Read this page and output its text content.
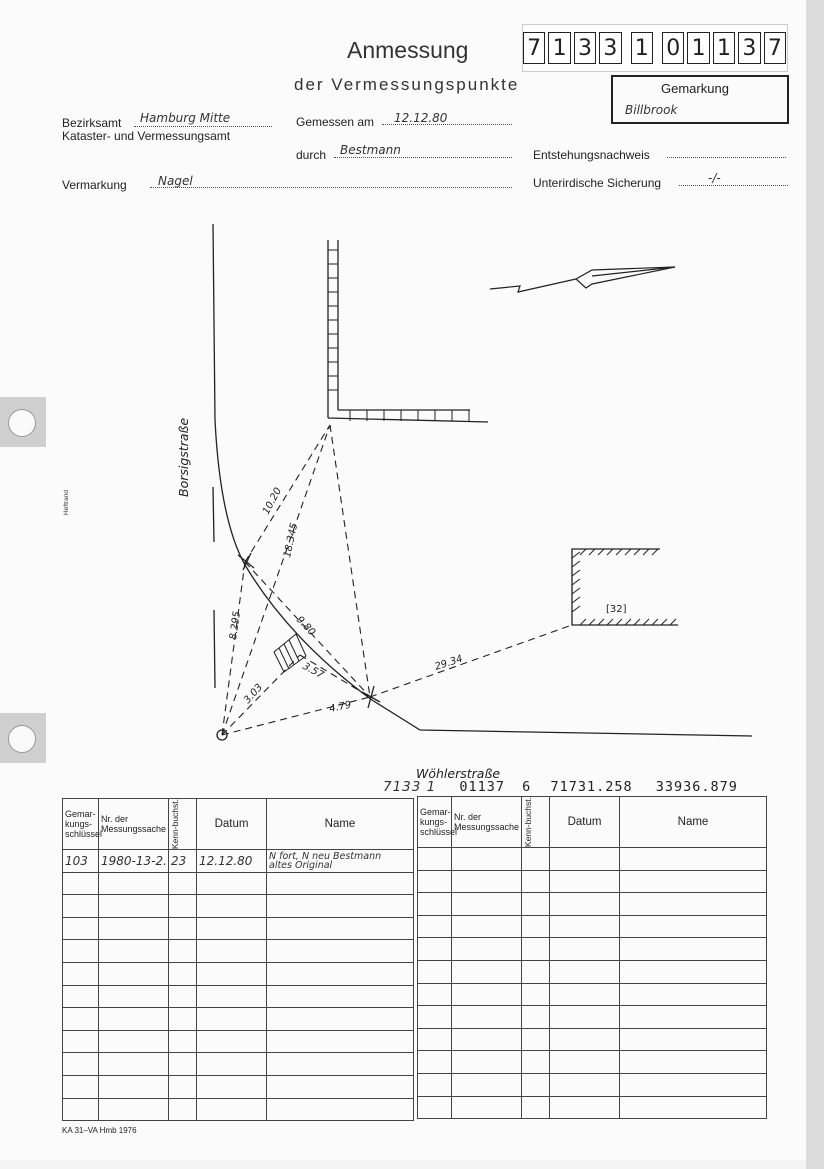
Anmessung
der Vermessungspunkte
7 1 3 3 1 0 1 1 3 7
Gemarkung
Billbrook
Bezirksamt Hamburg Mitte
Kataster- und Vermessungsamt
Gemessen am 12.12.80
durch Bestmann	Entstehungsnachweis
Vermarkung	Nagel	Unterirdische Sicherung	-/-
10.20
18.345
9.80
8.295
3.57
3.03
4.79
29.34
[32]
Borsigstraße
Heftrand
Wöhlerstraße
7133 1 01137 6 71731.258 33936.879
Gemar-kungs-schlüssel	Nr. der Messungssache	Kenn-buchst.	Datum	Name
103	1980-13-2.	23	12.12.80	N fort, N neu Bestmann
altes Original

Gemar-kungs-schlüssel	Nr. der Messungssache	Kenn-buchst.	Datum	Name

KA 31–VA Hmb 1976
